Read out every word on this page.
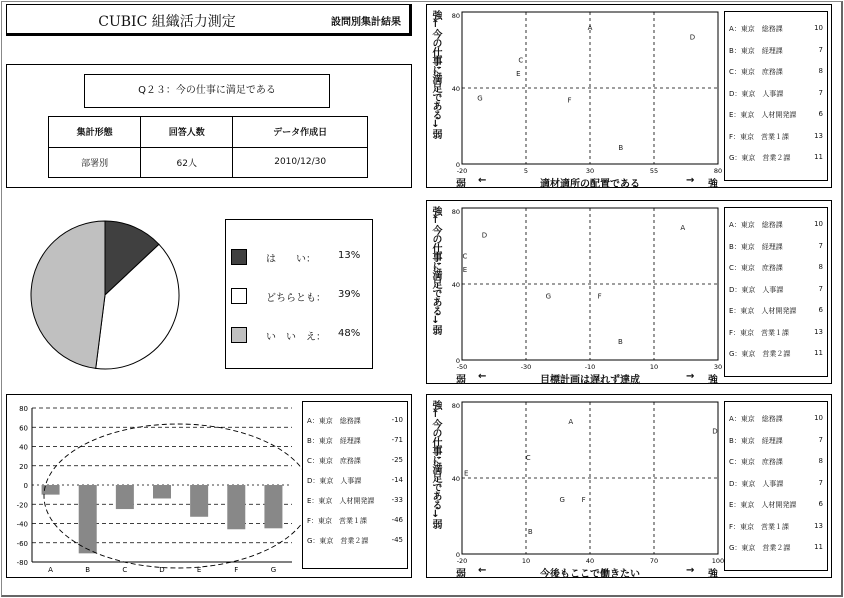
CUBIC 組織活力測定	設問別集計結果
Q２３：今の仕事に満足である
集計形態	回答人数	データ作成日
部署別	62人	2010/12/30
は　　い： 13%
どちらとも： 39%
い　い　え： 48%
-80
-60
-40
-20
0
20
40
60
80
A	B	C	D	E	F	G
A：東京　総務課	-10
B：東京　経理課	-71
C：東京　庶務課	-25
D：東京　人事課	-14
E：東京　人材開発課 -33
F：東京　営業１課	-46
G：東京　営業２課	-45
強↑今の仕事に満足である↓弱
-20	5	30	55	80
80
40
0
A
B
C
D
E
F
G
弱 ←	適材適所の配置である	→ 強
A：東京　総務課	10
B：東京　経理課	7
C：東京　庶務課	8
D：東京　人事課	7
E：東京　人材開発課	6
F：東京　営業１課	13
G：東京　営業２課	11
強↑今の仕事に満足である↓弱
-50	-30	-10	10	30
80
40
0
A
B
C
D
E
F
G
弱 ←	目標計画は遅れず達成	→ 強
A：東京　総務課	10
B：東京　経理課	7
C：東京　庶務課	8
D：東京　人事課	7
E：東京　人材開発課	6
F：東京　営業１課	13
G：東京　営業２課	11
強↑今の仕事に満足である↓弱
-20	10	40	70	100
80
40
0
A
B
C
D
E
F
G
弱 ←	今後もここで働きたい	→ 強
A：東京　総務課	10
B：東京　経理課	7
C：東京　庶務課	8
D：東京　人事課	7
E：東京　人材開発課	6
F：東京　営業１課	13
G：東京　営業２課	11
